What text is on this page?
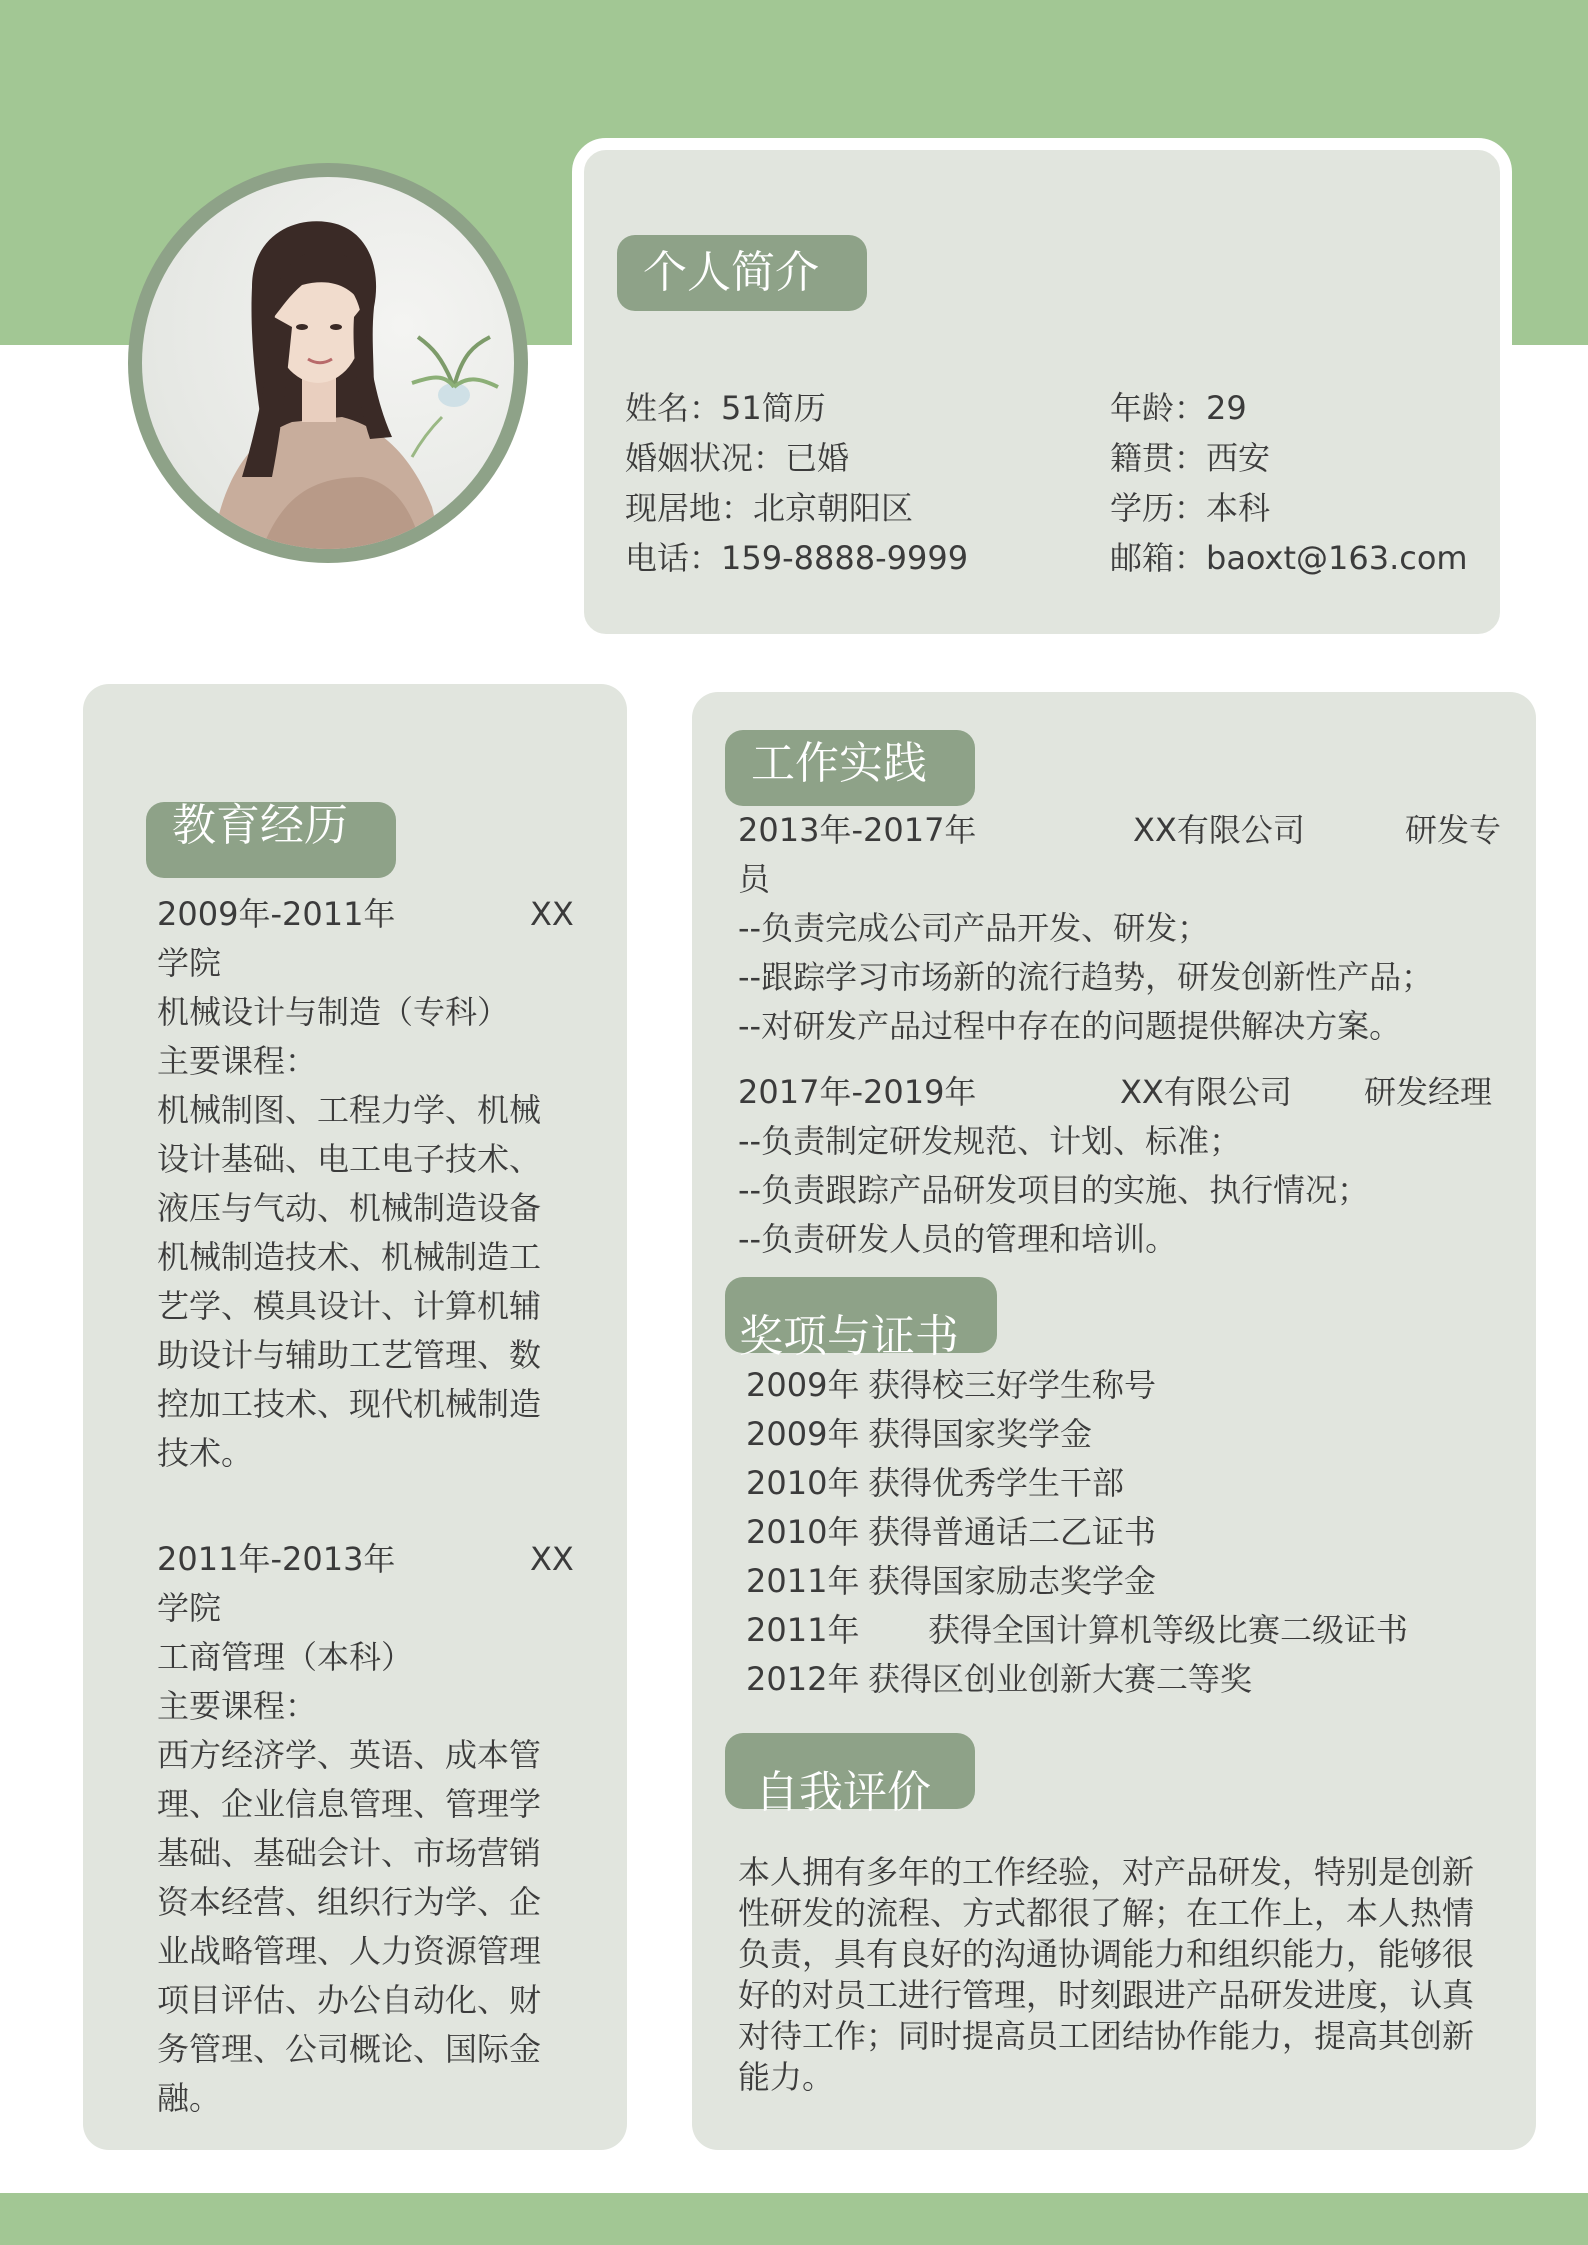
个人简介
姓名：51简历	年龄：29
婚姻状况：已婚	籍贯：西安
现居地：北京朝阳区	学历：本科
电话：159-8888-9999	邮箱：baoxt@163.com
教育经历
2009年-2011年	XX
学院
机械设计与制造（专科）
主要课程：
机械制图、工程力学、机械设计基础、电工电子技术、液压与气动、机械制造设备机械制造技术、机械制造工艺学、模具设计、计算机辅助设计与辅助工艺管理、数控加工技术、现代机械制造技术。
2011年-2013年	XX
学院
工商管理（本科）
主要课程：
西方经济学、英语、成本管理、企业信息管理、管理学基础、基础会计、市场营销资本经营、组织行为学、企业战略管理、人力资源管理项目评估、办公自动化、财务管理、公司概论、国际金融。
工作实践
2013年-2017年	XX有限公司	研发专
员
--负责完成公司产品开发、研发；
--跟踪学习市场新的流行趋势，研发创新性产品；
--对研发产品过程中存在的问题提供解决方案。
2017年-2019年	XX有限公司 研发经理
--负责制定研发规范、计划、标准；
--负责跟踪产品研发项目的实施、执行情况；
--负责研发人员的管理和培训。
奖项与证书
2009年 获得校三好学生称号
2009年 获得国家奖学金
2010年 获得优秀学生干部
2010年 获得普通话二乙证书
2011年 获得国家励志奖学金
2011年 获得全国计算机等级比赛二级证书
2012年 获得区创业创新大赛二等奖
自我评价
本人拥有多年的工作经验，对产品研发，特别是创新性研发的流程、方式都很了解；在工作上，本人热情负责，具有良好的沟通协调能力和组织能力，能够很好的对员工进行管理，时刻跟进产品研发进度，认真对待工作；同时提高员工团结协作能力，提高其创新能力。
